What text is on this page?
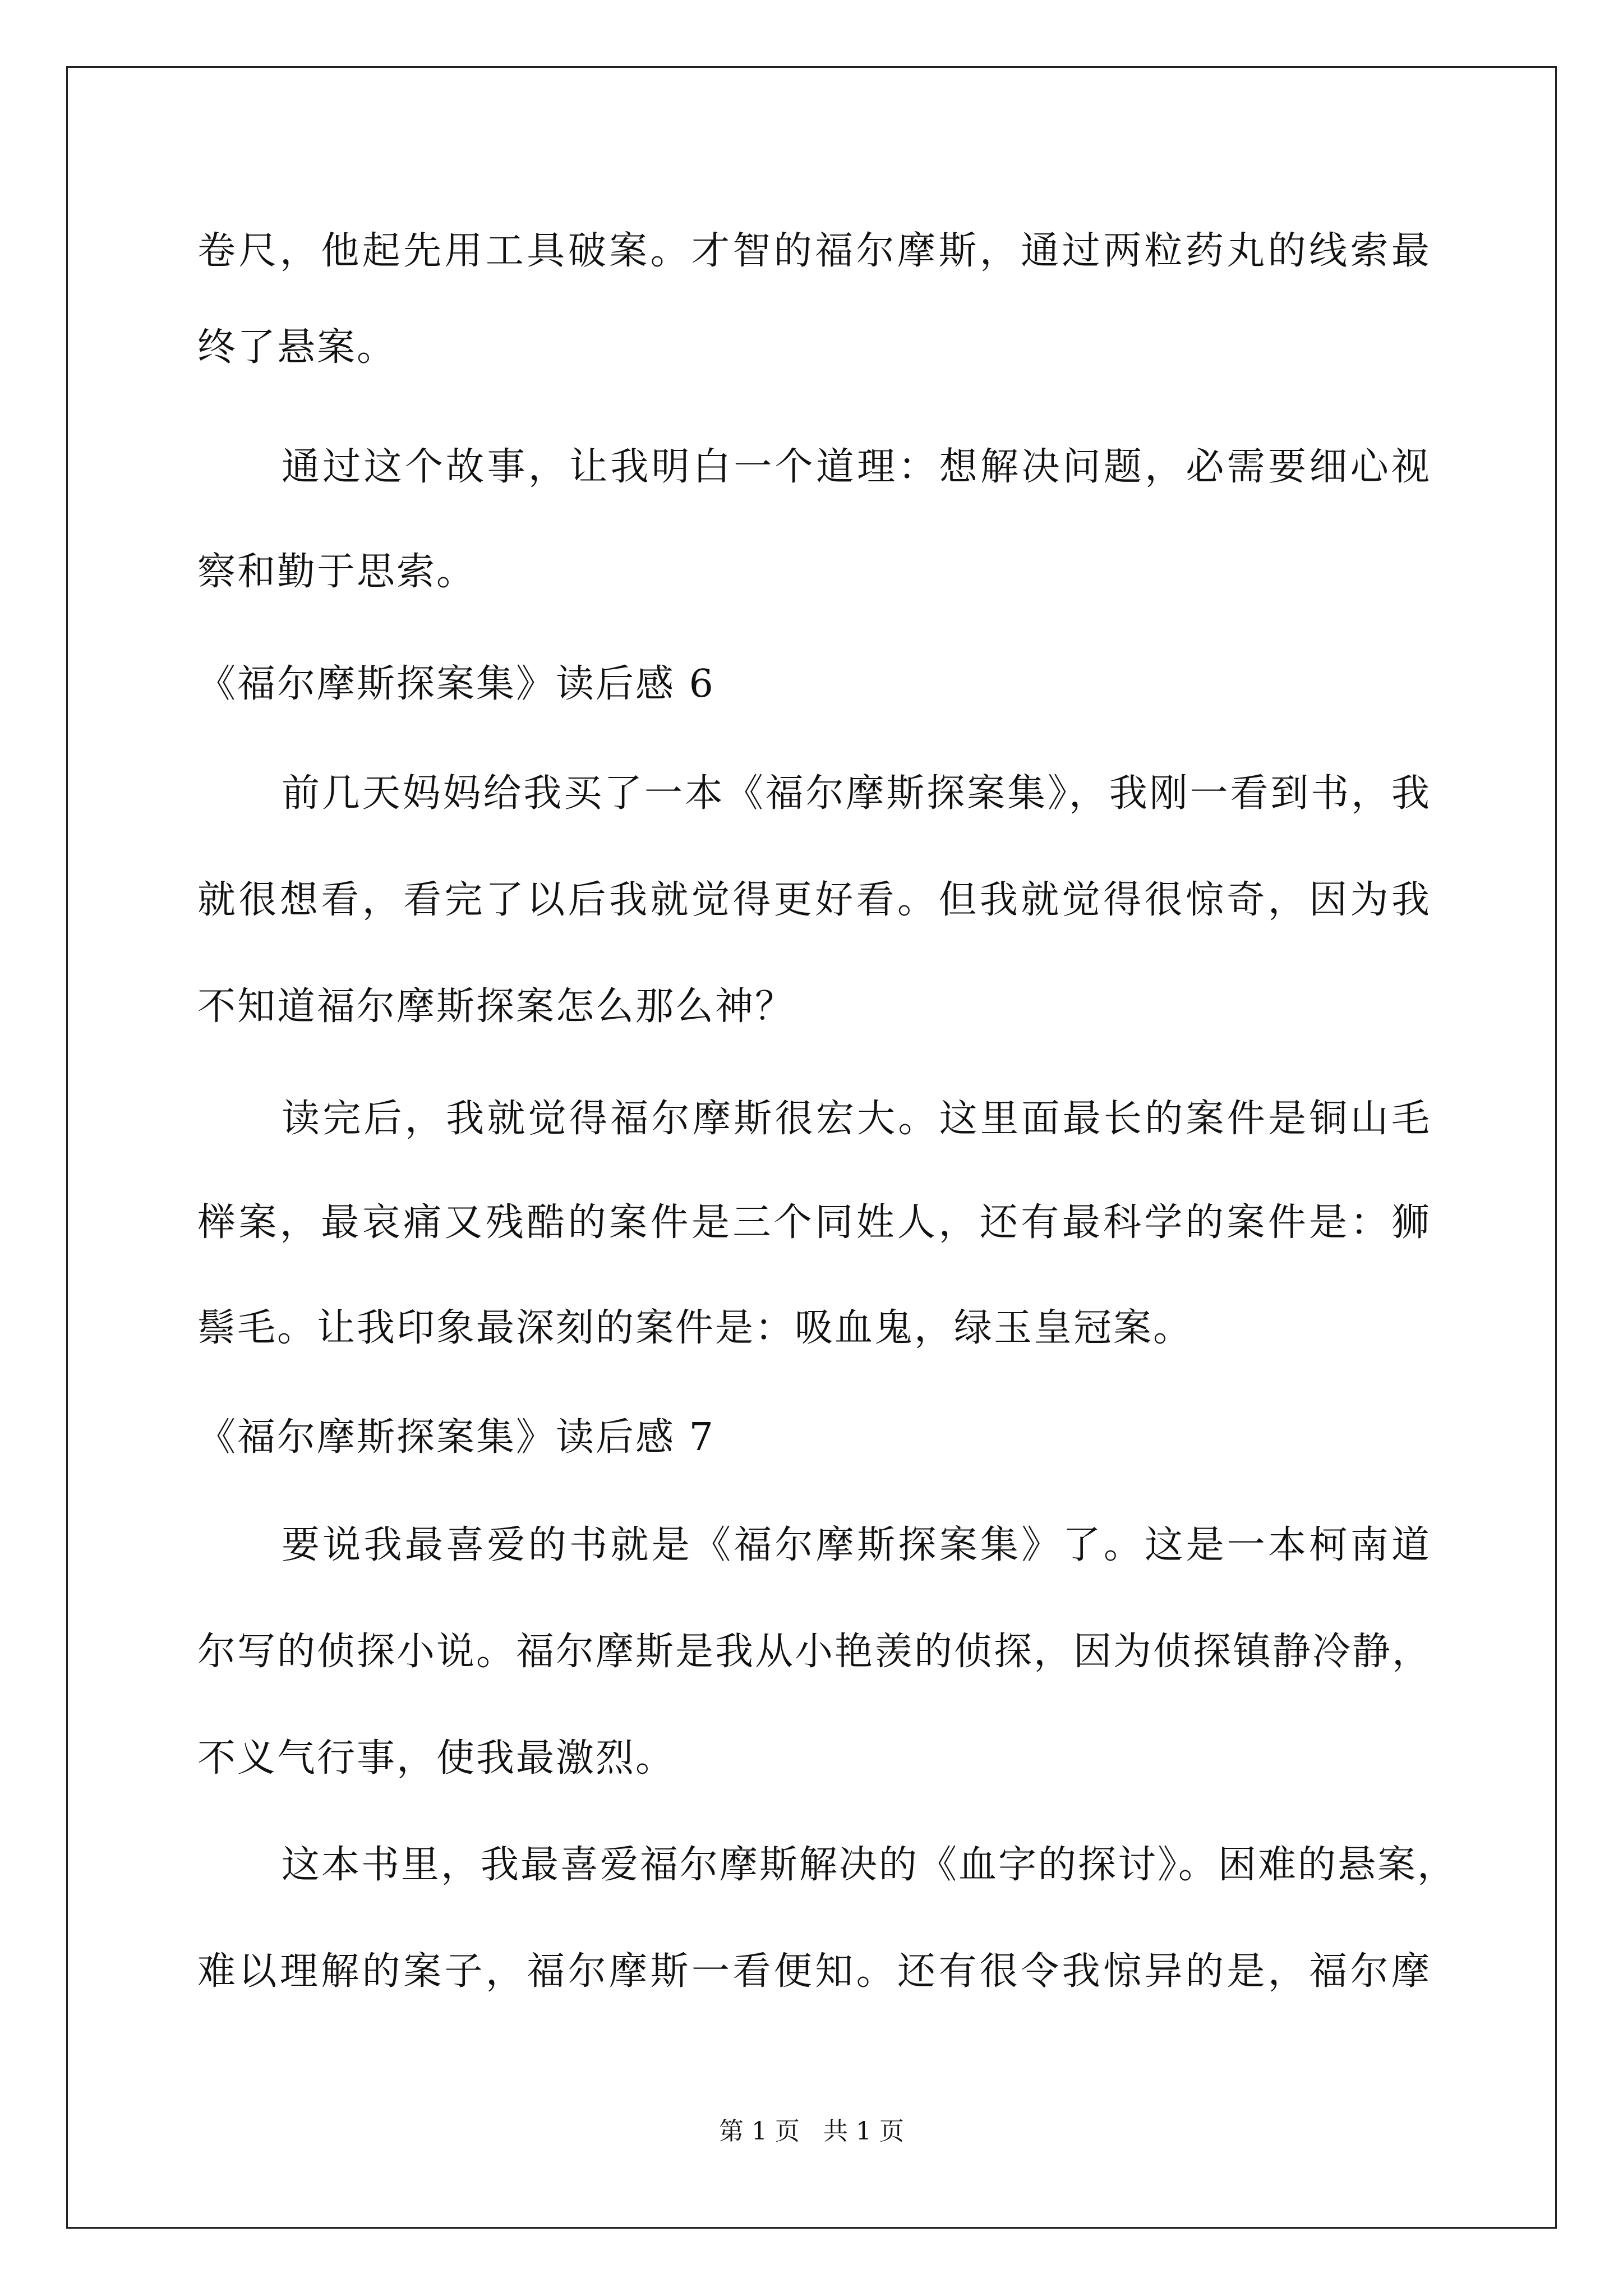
卷尺，他起先用工具破案。才智的福尔摩斯，通过两粒药丸的线索最
终了悬案。
通过这个故事，让我明白一个道理：想解决问题，必需要细心视
察和勤于思索。
《福尔摩斯探案集》读后感 6
前几天妈妈给我买了一本《福尔摩斯探案集》，我刚一看到书，我
就很想看，看完了以后我就觉得更好看。但我就觉得很惊奇，因为我
不知道福尔摩斯探案怎么那么神？
读完后，我就觉得福尔摩斯很宏大。这里面最长的案件是铜山毛
榉案，最哀痛又残酷的案件是三个同姓人，还有最科学的案件是：狮
鬃毛。让我印象最深刻的案件是：吸血鬼，绿玉皇冠案。
《福尔摩斯探案集》读后感 7
要说我最喜爱的书就是《福尔摩斯探案集》了。这是一本柯南道
尔写的侦探小说。福尔摩斯是我从小艳羡的侦探，因为侦探镇静冷静，
不义气行事，使我最激烈。
这本书里，我最喜爱福尔摩斯解决的《血字的探讨》。困难的悬案，
难以理解的案子，福尔摩斯一看便知。还有很令我惊异的是，福尔摩
第 1 页   共 1 页
